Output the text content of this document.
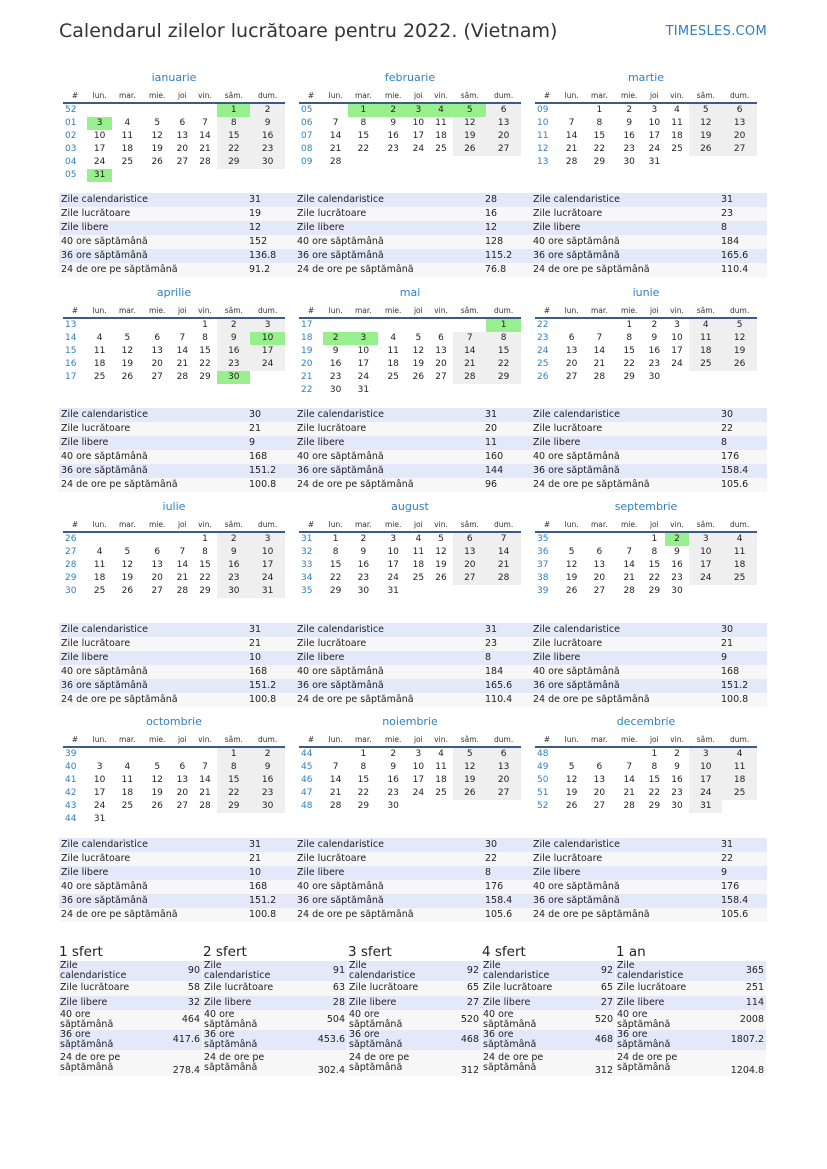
Calendarul zilelor lucrătoare pentru 2022. (Vietnam)	TIMESLES.COM
ianuarie
#	lun.	mar.	mie.	joi	vin.	sâm.	dum.
52						1	2
01	3	4	5	6	7	8	9
02	10	11	12	13	14	15	16
03	17	18	19	20	21	22	23
04	24	25	26	27	28	29	30
05	31						
Zile calendaristice	31
Zile lucrătoare	19
Zile libere	12
40 ore săptămână	152
36 ore săptămână	136.8
24 de ore pe săptămână	91.2
februarie
#	lun.	mar.	mie.	joi	vin.	sâm.	dum.
05		1	2	3	4	5	6
06	7	8	9	10	11	12	13
07	14	15	16	17	18	19	20
08	21	22	23	24	25	26	27
09	28						
Zile calendaristice	28
Zile lucrătoare	16
Zile libere	12
40 ore săptămână	128
36 ore săptămână	115.2
24 de ore pe săptămână	76.8
martie
#	lun.	mar.	mie.	joi	vin.	sâm.	dum.
09		1	2	3	4	5	6
10	7	8	9	10	11	12	13
11	14	15	16	17	18	19	20
12	21	22	23	24	25	26	27
13	28	29	30	31			
Zile calendaristice	31
Zile lucrătoare	23
Zile libere	8
40 ore săptămână	184
36 ore săptămână	165.6
24 de ore pe săptămână	110.4
aprilie
#	lun.	mar.	mie.	joi	vin.	sâm.	dum.
13					1	2	3
14	4	5	6	7	8	9	10
15	11	12	13	14	15	16	17
16	18	19	20	21	22	23	24
17	25	26	27	28	29	30	
Zile calendaristice	30
Zile lucrătoare	21
Zile libere	9
40 ore săptămână	168
36 ore săptămână	151.2
24 de ore pe săptămână	100.8
mai
#	lun.	mar.	mie.	joi	vin.	sâm.	dum.
17							1
18	2	3	4	5	6	7	8
19	9	10	11	12	13	14	15
20	16	17	18	19	20	21	22
21	23	24	25	26	27	28	29
22	30	31					
Zile calendaristice	31
Zile lucrătoare	20
Zile libere	11
40 ore săptămână	160
36 ore săptămână	144
24 de ore pe săptămână	96
iunie
#	lun.	mar.	mie.	joi	vin.	sâm.	dum.
22			1	2	3	4	5
23	6	7	8	9	10	11	12
24	13	14	15	16	17	18	19
25	20	21	22	23	24	25	26
26	27	28	29	30			
Zile calendaristice	30
Zile lucrătoare	22
Zile libere	8
40 ore săptămână	176
36 ore săptămână	158.4
24 de ore pe săptămână	105.6
iulie
#	lun.	mar.	mie.	joi	vin.	sâm.	dum.
26					1	2	3
27	4	5	6	7	8	9	10
28	11	12	13	14	15	16	17
29	18	19	20	21	22	23	24
30	25	26	27	28	29	30	31
Zile calendaristice	31
Zile lucrătoare	21
Zile libere	10
40 ore săptămână	168
36 ore săptămână	151.2
24 de ore pe săptămână	100.8
august
#	lun.	mar.	mie.	joi	vin.	sâm.	dum.
31	1	2	3	4	5	6	7
32	8	9	10	11	12	13	14
33	15	16	17	18	19	20	21
34	22	23	24	25	26	27	28
35	29	30	31				
Zile calendaristice	31
Zile lucrătoare	23
Zile libere	8
40 ore săptămână	184
36 ore săptămână	165.6
24 de ore pe săptămână	110.4
septembrie
#	lun.	mar.	mie.	joi	vin.	sâm.	dum.
35				1	2	3	4
36	5	6	7	8	9	10	11
37	12	13	14	15	16	17	18
38	19	20	21	22	23	24	25
39	26	27	28	29	30		
Zile calendaristice	30
Zile lucrătoare	21
Zile libere	9
40 ore săptămână	168
36 ore săptămână	151.2
24 de ore pe săptămână	100.8
octombrie
#	lun.	mar.	mie.	joi	vin.	sâm.	dum.
39						1	2
40	3	4	5	6	7	8	9
41	10	11	12	13	14	15	16
42	17	18	19	20	21	22	23
43	24	25	26	27	28	29	30
44	31						
Zile calendaristice	31
Zile lucrătoare	21
Zile libere	10
40 ore săptămână	168
36 ore săptămână	151.2
24 de ore pe săptămână	100.8
noiembrie
#	lun.	mar.	mie.	joi	vin.	sâm.	dum.
44		1	2	3	4	5	6
45	7	8	9	10	11	12	13
46	14	15	16	17	18	19	20
47	21	22	23	24	25	26	27
48	28	29	30				
Zile calendaristice	30
Zile lucrătoare	22
Zile libere	8
40 ore săptămână	176
36 ore săptămână	158.4
24 de ore pe săptămână	105.6
decembrie
#	lun.	mar.	mie.	joi	vin.	sâm.	dum.
48				1	2	3	4
49	5	6	7	8	9	10	11
50	12	13	14	15	16	17	18
51	19	20	21	22	23	24	25
52	26	27	28	29	30	31	
Zile calendaristice	31
Zile lucrătoare	22
Zile libere	9
40 ore săptămână	176
36 ore săptămână	158.4
24 de ore pe săptămână	105.6
1 sfert
Zile calendaristice	90
Zile lucrătoare	58
Zile libere	32
40 ore săptămână	464
36 ore săptămână	417.6
24 de ore pe săptămână	278.4
2 sfert
Zile calendaristice	91
Zile lucrătoare	63
Zile libere	28
40 ore săptămână	504
36 ore săptămână	453.6
24 de ore pe săptămână	302.4
3 sfert
Zile calendaristice	92
Zile lucrătoare	65
Zile libere	27
40 ore săptămână	520
36 ore săptămână	468
24 de ore pe săptămână	312
4 sfert
Zile calendaristice	92
Zile lucrătoare	65
Zile libere	27
40 ore săptămână	520
36 ore săptămână	468
24 de ore pe săptămână	312
1 an
Zile calendaristice	365
Zile lucrătoare	251
Zile libere	114
40 ore săptămână	2008
36 ore săptămână	1807.2
24 de ore pe săptămână	1204.8
